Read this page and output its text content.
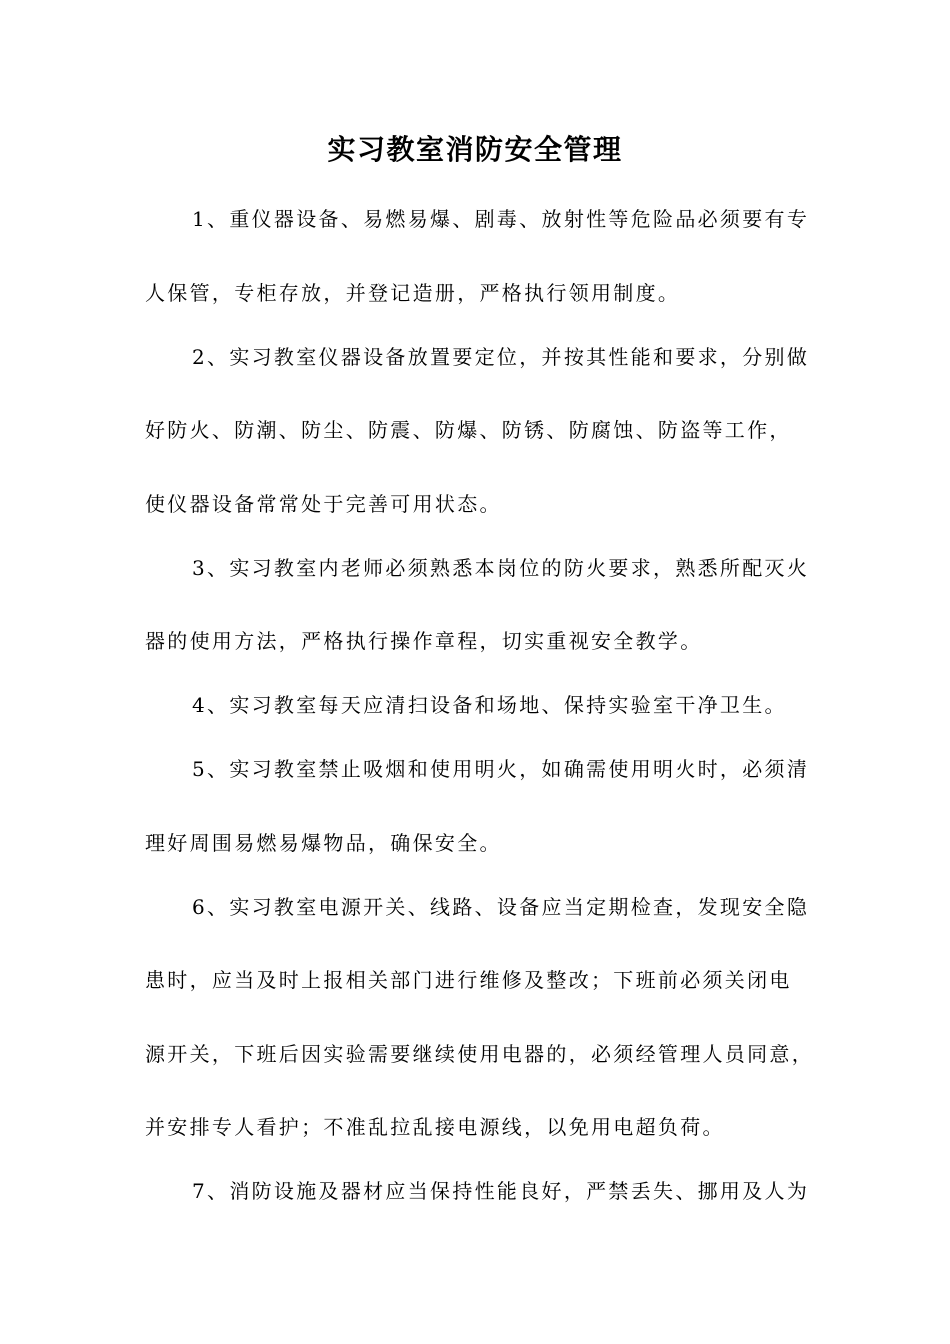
实习教室消防安全管理
1、重仪器设备、易燃易爆、剧毒、放射性等危险品必须要有专
人保管，专柜存放，并登记造册，严格执行领用制度。
2、实习教室仪器设备放置要定位，并按其性能和要求，分别做
好防火、防潮、防尘、防震、防爆、防锈、防腐蚀、防盗等工作，
使仪器设备常常处于完善可用状态。
3、实习教室内老师必须熟悉本岗位的防火要求，熟悉所配灭火
器的使用方法，严格执行操作章程，切实重视安全教学。
4、实习教室每天应清扫设备和场地、保持实验室干净卫生。
5、实习教室禁止吸烟和使用明火，如确需使用明火时，必须清
理好周围易燃易爆物品，确保安全。
6、实习教室电源开关、线路、设备应当定期检查，发现安全隐
患时，应当及时上报相关部门进行维修及整改；下班前必须关闭电
源开关，下班后因实验需要继续使用电器的，必须经管理人员同意，
并安排专人看护；不准乱拉乱接电源线，以免用电超负荷。
7、消防设施及器材应当保持性能良好，严禁丢失、挪用及人为
